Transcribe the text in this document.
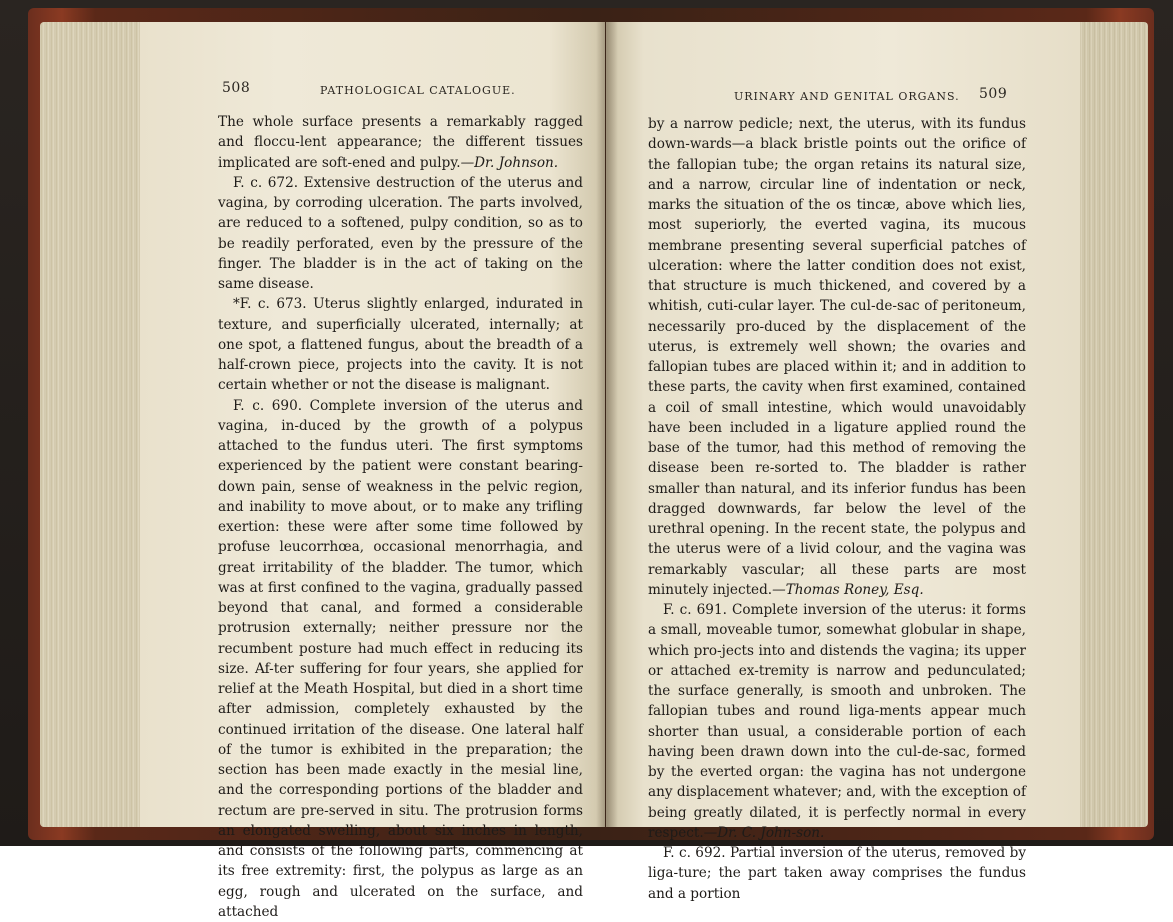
508	PATHOLOGICAL CATALOGUE.

The whole surface presents a remarkably ragged and floccu-lent appearance; the different tissues implicated are soft-ened and pulpy.—Dr. Johnson.

F. c. 672. Extensive destruction of the uterus and vagina, by corroding ulceration. The parts involved, are reduced to a softened, pulpy condition, so as to be readily perforated, even by the pressure of the finger. The bladder is in the act of taking on the same disease.

*F. c. 673. Uterus slightly enlarged, indurated in texture, and superficially ulcerated, internally; at one spot, a flattened fungus, about the breadth of a half-crown piece, projects into the cavity. It is not certain whether or not the disease is malignant.

F. c. 690. Complete inversion of the uterus and vagina, in-duced by the growth of a polypus attached to the fundus uteri. The first symptoms experienced by the patient were constant bearing-down pain, sense of weakness in the pelvic region, and inability to move about, or to make any trifling exertion: these were after some time followed by profuse leucorrhœa, occasional menorrhagia, and great irritability of the bladder. The tumor, which was at first confined to the vagina, gradually passed beyond that canal, and formed a considerable protrusion externally; neither pressure nor the recumbent posture had much effect in reducing its size. Af-ter suffering for four years, she applied for relief at the Meath Hospital, but died in a short time after admission, completely exhausted by the continued irritation of the disease. One lateral half of the tumor is exhibited in the preparation; the section has been made exactly in the mesial line, and the corresponding portions of the bladder and rectum are pre-served in situ. The protrusion forms an elongated swelling, about six inches in length, and consists of the following parts, commencing at its free extremity: first, the polypus as large as an egg, rough and ulcerated on the surface, and attached

URINARY AND GENITAL ORGANS. 509

by a narrow pedicle; next, the uterus, with its fundus down-wards—a black bristle points out the orifice of the fallopian tube; the organ retains its natural size, and a narrow, circular line of indentation or neck, marks the situation of the os tincæ, above which lies, most superiorly, the everted vagina, its mucous membrane presenting several superficial patches of ulceration: where the latter condition does not exist, that structure is much thickened, and covered by a whitish, cuti-cular layer. The cul-de-sac of peritoneum, necessarily pro-duced by the displacement of the uterus, is extremely well shown; the ovaries and fallopian tubes are placed within it; and in addition to these parts, the cavity when first examined, contained a coil of small intestine, which would unavoidably have been included in a ligature applied round the base of the tumor, had this method of removing the disease been re-sorted to. The bladder is rather smaller than natural, and its inferior fundus has been dragged downwards, far below the level of the urethral opening. In the recent state, the polypus and the uterus were of a livid colour, and the vagina was remarkably vascular; all these parts are most minutely injected.—Thomas Roney, Esq.

F. c. 691. Complete inversion of the uterus: it forms a small, moveable tumor, somewhat globular in shape, which pro-jects into and distends the vagina; its upper or attached ex-tremity is narrow and pedunculated; the surface generally, is smooth and unbroken. The fallopian tubes and round liga-ments appear much shorter than usual, a considerable portion of each having been drawn down into the cul-de-sac, formed by the everted organ: the vagina has not undergone any displacement whatever; and, with the exception of being greatly dilated, it is perfectly normal in every respect.—Dr. C. John-son.

F. c. 692. Partial inversion of the uterus, removed by liga-ture; the part taken away comprises the fundus and a portion
